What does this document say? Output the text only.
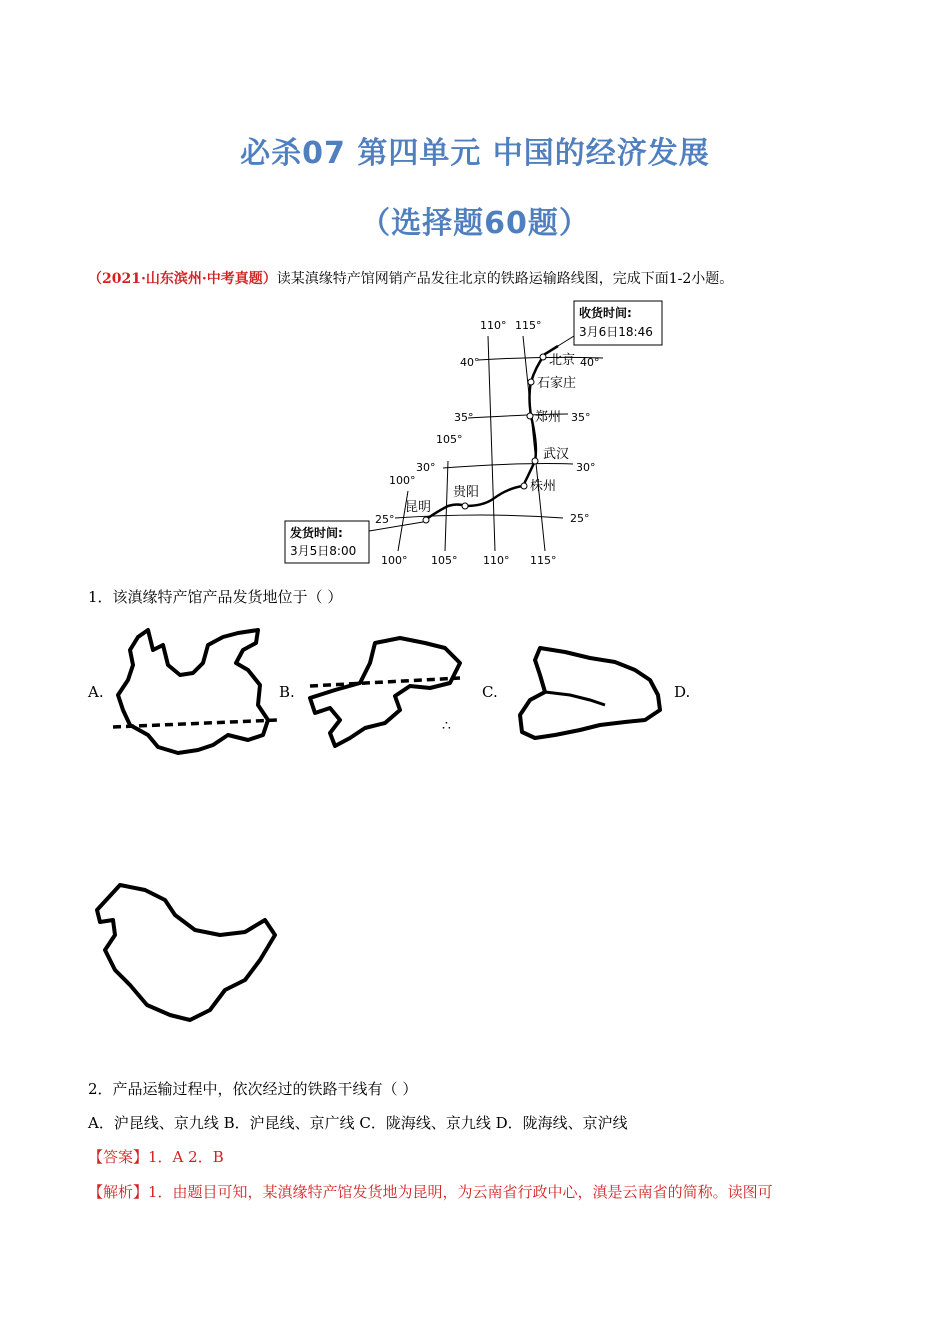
必杀07 第四单元 中国的经济发展
（选择题60题）
（2021·山东滨州·中考真题）读某滇缘特产馆网销产品发往北京的铁路运输路线图，完成下面1-2小题。
110° 115°
105°
100°
100° 105° 110° 115°
40°
35°
30°
25°
40°
35°
30°
25°
北京
石家庄
郑州
武汉
株州
贵阳
昆明
收货时间:
3月6日18:46
发货时间:
3月5日8:00
1．该滇缘特产馆产品发货地位于（ ）
A.	B.	C.	D.
∴
2．产品运输过程中，依次经过的铁路干线有（ ）
A．沪昆线、京九线 B．沪昆线、京广线 C．陇海线、京九线 D．陇海线、京沪线
【答案】1．A 2．B
【解析】1．由题目可知，某滇缘特产馆发货地为昆明，为云南省行政中心，滇是云南省的简称。读图可
